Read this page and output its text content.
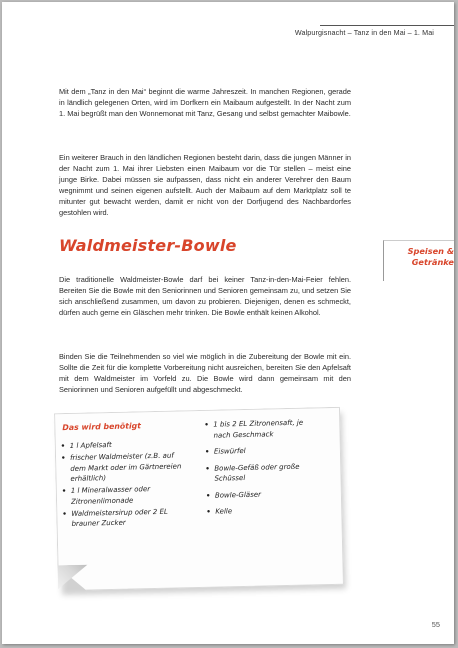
Walpurgisnacht – Tanz in den Mai – 1. Mai

Mit dem „Tanz in den Mai“ beginnt die warme Jahreszeit. In manchen Regionen, gerade in ländlich gelegenen Orten, wird im Dorfkern ein Maibaum aufgestellt. In der Nacht zum 1. Mai begrüßt man den Wonnemonat mit Tanz, Gesang und selbst gemachter Maibowle.

Ein weiterer Brauch in den ländlichen Regionen besteht darin, dass die jungen Männer in der Nacht zum 1. Mai ihrer Liebsten einen Maibaum vor die Tür stellen – meist eine junge Birke. Dabei müssen sie aufpassen, dass nicht ein anderer Verehrer den Baum wegnimmt und seinen eigenen aufstellt. Auch der Maibaum auf dem Marktplatz soll te mitunter gut bewacht werden, damit er nicht von der Dorfjugend des Nachbardorfes gestohlen wird.

Waldmeister-Bowle	Speisen & Getränke

Die traditionelle Waldmeister-Bowle darf bei keiner Tanz-in-den-Mai-Feier fehlen. Bereiten Sie die Bowle mit den Seniorinnen und Senioren gemeinsam zu, und setzen Sie sich anschließend zusammen, um davon zu probieren. Diejenigen, denen es schmeckt, dürfen auch gerne ein Gläschen mehr trinken. Die Bowle enthält keinen Alkohol.

Binden Sie die Teilnehmenden so viel wie möglich in die Zubereitung der Bowle mit ein. Sollte die Zeit für die komplette Vorbereitung nicht ausreichen, bereiten Sie den Apfelsaft mit dem Waldmeister im Vorfeld zu. Die Bowle wird dann gemeinsam mit den Seniorinnen und Senioren aufgefüllt und abgeschmeckt.

Das wird benötigt
• 1 l Apfelsaft
• frischer Waldmeister (z.B. auf dem Markt oder im Gärtnereien erhältlich)
• 1 l Mineralwasser oder Zitronenlimonade
• Waldmeistersirup oder 2 EL brauner Zucker
• 1 bis 2 EL Zitronensaft, je nach Geschmack
• Eiswürfel
• Bowle-Gefäß oder große Schüssel
• Bowle-Gläser
• Kelle
55
